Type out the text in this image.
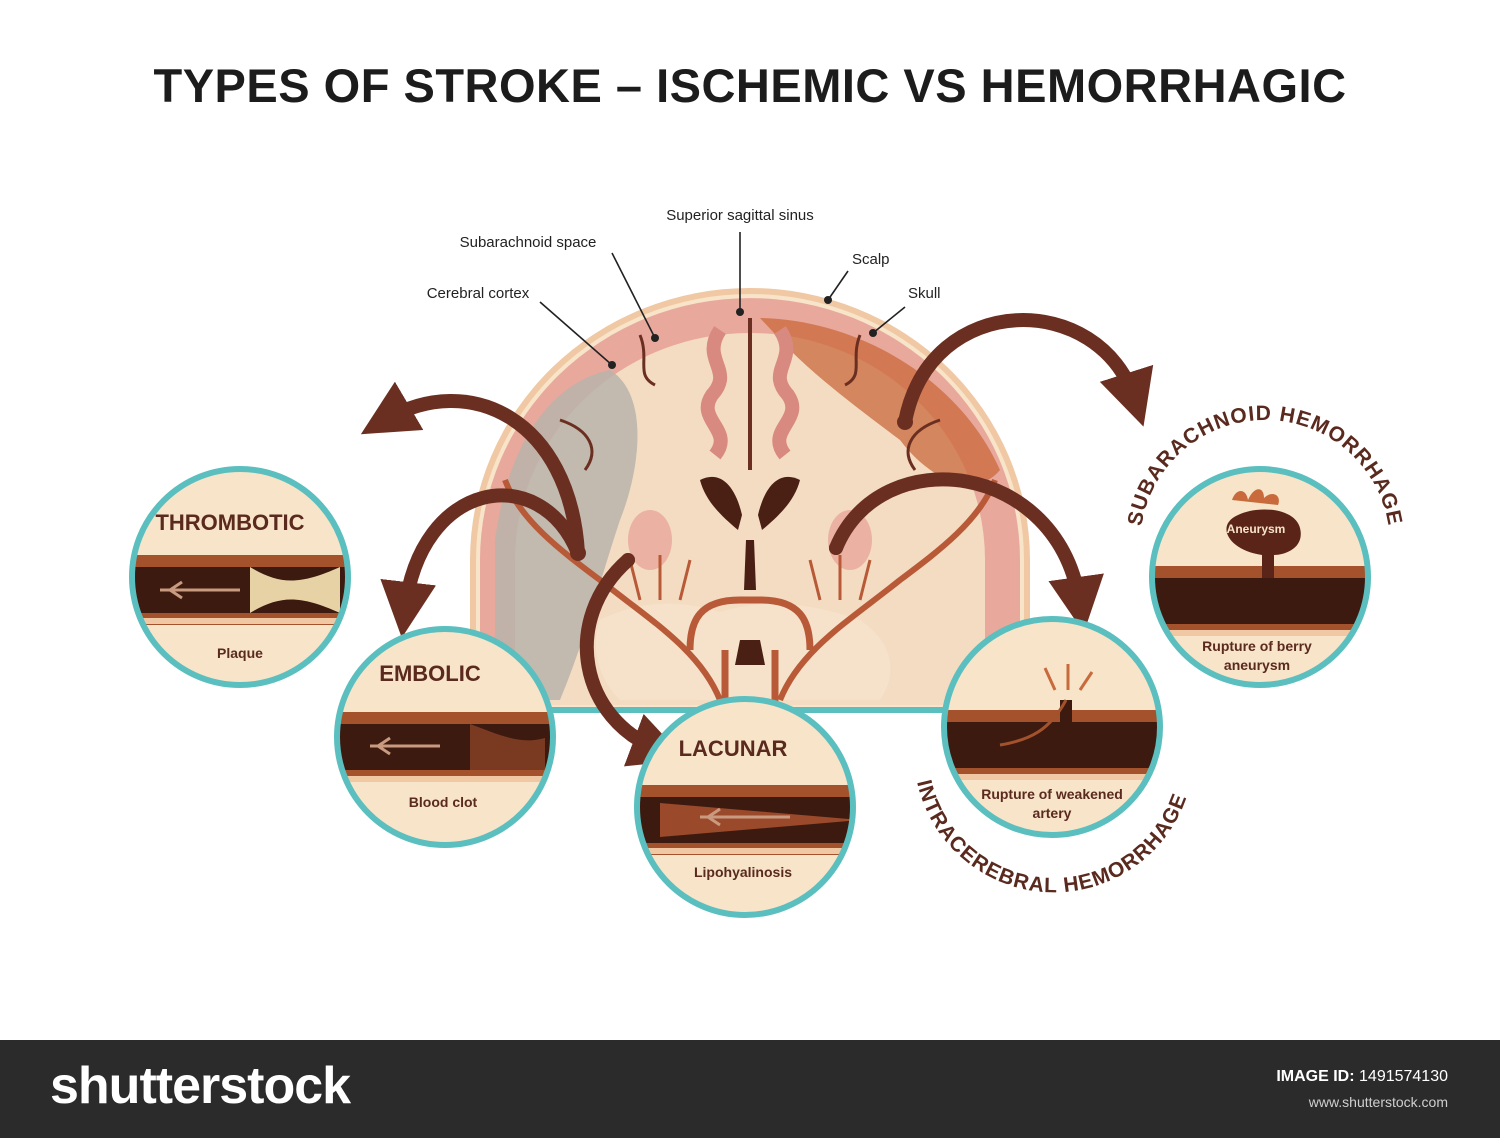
TYPES OF STROKE – ISCHEMIC VS HEMORRHAGIC
Superior sagittal sinus
Subarachnoid space
Cerebral cortex
Scalp
Skull
THROMBOTIC
Plaque
EMBOLIC
Blood clot
LACUNAR
Lipohyalinosis
Rupture of weakened
artery
INTRACEREBRAL HEMORRHAGE
Aneurysm
Rupture of berry
aneurysm
SUBARACHNOID HEMORRHAGE
shutterstock	IMAGE ID: 1491574130
www.shutterstock.com
